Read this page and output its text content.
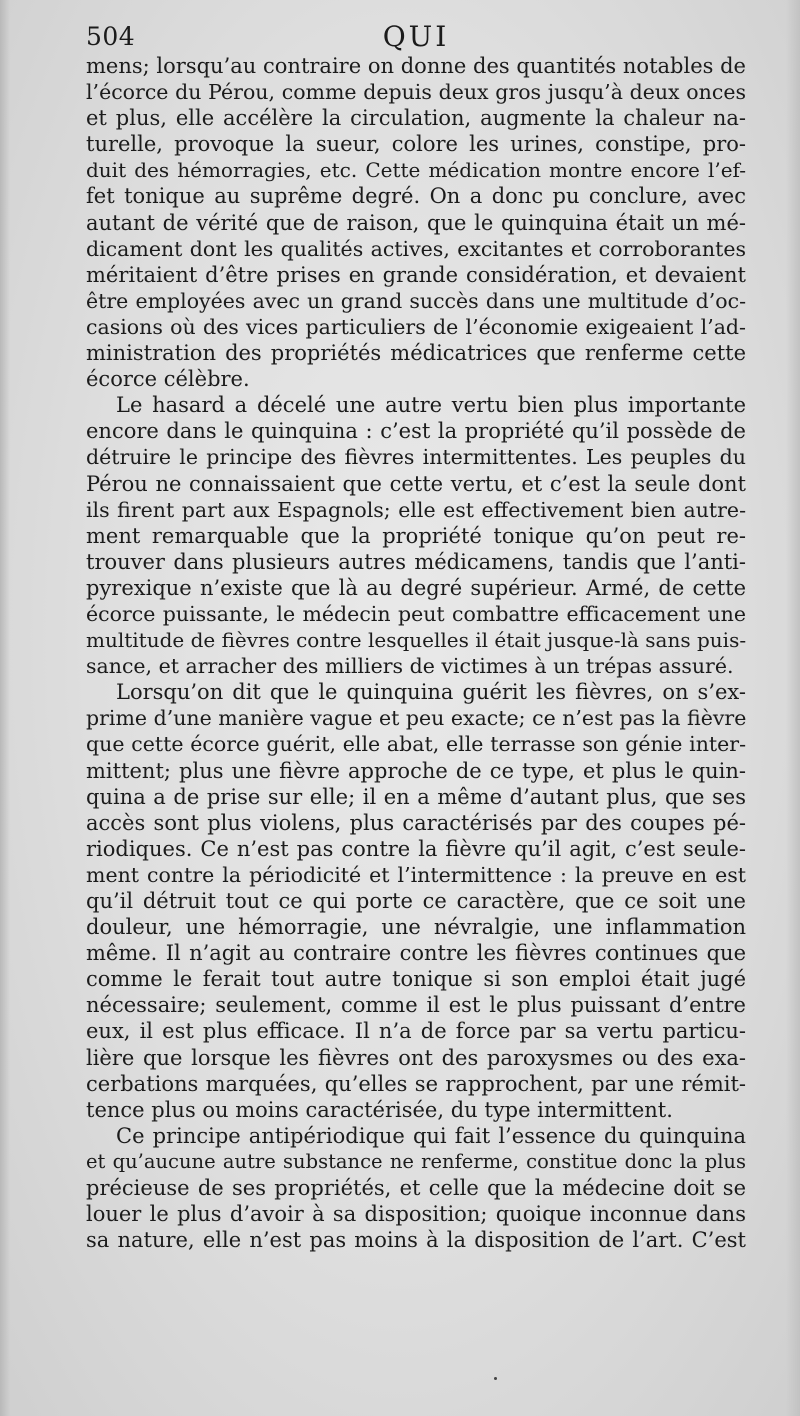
504	QUI
mens; lorsqu’au contraire on donne des quantités notables de
l’écorce du Pérou, comme depuis deux gros jusqu’à deux onces
et plus, elle accélère la circulation, augmente la chaleur na-
turelle, provoque la sueur, colore les urines, constipe, pro-
duit des hémorragies, etc. Cette médication montre encore l’ef-
fet tonique au suprême degré. On a donc pu conclure, avec
autant de vérité que de raison, que le quinquina était un mé-
dicament dont les qualités actives, excitantes et corroborantes
méritaient d’être prises en grande considération, et devaient
être employées avec un grand succès dans une multitude d’oc-
casions où des vices particuliers de l’économie exigeaient l’ad-
ministration des propriétés médicatrices que renferme cette
écorce célèbre.
Le hasard a décelé une autre vertu bien plus importante
encore dans le quinquina : c’est la propriété qu’il possède de
détruire le principe des fièvres intermittentes. Les peuples du
Pérou ne connaissaient que cette vertu, et c’est la seule dont
ils firent part aux Espagnols; elle est effectivement bien autre-
ment remarquable que la propriété tonique qu’on peut re-
trouver dans plusieurs autres médicamens, tandis que l’anti-
pyrexique n’existe que là au degré supérieur. Armé, de cette
écorce puissante, le médecin peut combattre efficacement une
multitude de fièvres contre lesquelles il était jusque-là sans puis-
sance, et arracher des milliers de victimes à un trépas assuré.
Lorsqu’on dit que le quinquina guérit les fièvres, on s’ex-
prime d’une manière vague et peu exacte; ce n’est pas la fièvre
que cette écorce guérit, elle abat, elle terrasse son génie inter-
mittent; plus une fièvre approche de ce type, et plus le quin-
quina a de prise sur elle; il en a même d’autant plus, que ses
accès sont plus violens, plus caractérisés par des coupes pé-
riodiques. Ce n’est pas contre la fièvre qu’il agit, c’est seule-
ment contre la périodicité et l’intermittence : la preuve en est
qu’il détruit tout ce qui porte ce caractère, que ce soit une
douleur, une hémorragie, une névralgie, une inflammation
même. Il n’agit au contraire contre les fièvres continues que
comme le ferait tout autre tonique si son emploi était jugé
nécessaire; seulement, comme il est le plus puissant d’entre
eux, il est plus efficace. Il n’a de force par sa vertu particu-
lière que lorsque les fièvres ont des paroxysmes ou des exa-
cerbations marquées, qu’elles se rapprochent, par une rémit-
tence plus ou moins caractérisée, du type intermittent.
Ce principe antipériodique qui fait l’essence du quinquina
et qu’aucune autre substance ne renferme, constitue donc la plus
précieuse de ses propriétés, et celle que la médecine doit se
louer le plus d’avoir à sa disposition; quoique inconnue dans
sa nature, elle n’est pas moins à la disposition de l’art. C’est
